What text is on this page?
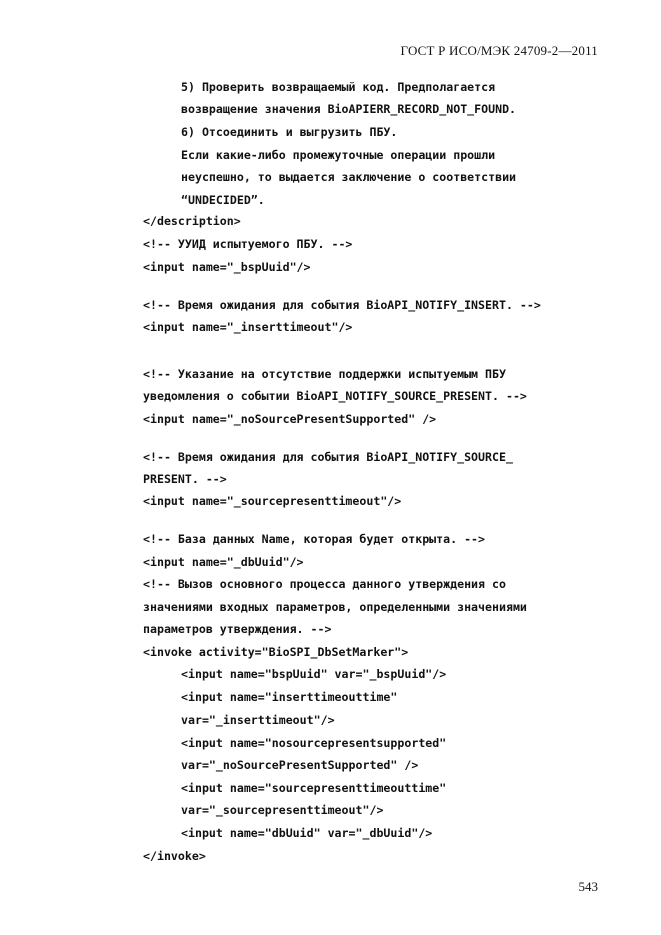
ГОСТ Р ИСО/МЭК 24709-2—2011
5) Проверить возвращаемый код. Предполагается
возвращение значения BioAPIERR_RECORD_NOT_FOUND.
6) Отсоединить и выгрузить ПБУ.
Если какие-либо промежуточные операции прошли
неуспешно, то выдается заключение о соответствии
“UNDECIDED”.
</description>
<!-- УУИД испытуемого ПБУ. -->
<input name="_bspUuid"/>
<!-- Время ожидания для события BioAPI_NOTIFY_INSERT. -->
<input name="_inserttimeout"/>
<!-- Указание на отсутствие поддержки испытуемым ПБУ
уведомления о событии BioAPI_NOTIFY_SOURCE_PRESENT. -->
<input name="_noSourcePresentSupported" />
<!-- Время ожидания для события BioAPI_NOTIFY_SOURCE_
PRESENT. -->
<input name="_sourcepresenttimeout"/>
<!-- База данных Name, которая будет открыта. -->
<input name="_dbUuid"/>
<!-- Вызов основного процесса данного утверждения со
значениями входных параметров, определенными значениями
параметров утверждения. -->
<invoke activity="BioSPI_DbSetMarker">
<input name="bspUuid" var="_bspUuid"/>
<input name="inserttimeouttime"
var="_inserttimeout"/>
<input name="nosourcepresentsupported"
var="_noSourcePresentSupported" />
<input name="sourcepresenttimeouttime"
var="_sourcepresenttimeout"/>
<input name="dbUuid" var="_dbUuid"/>
</invoke>
543
